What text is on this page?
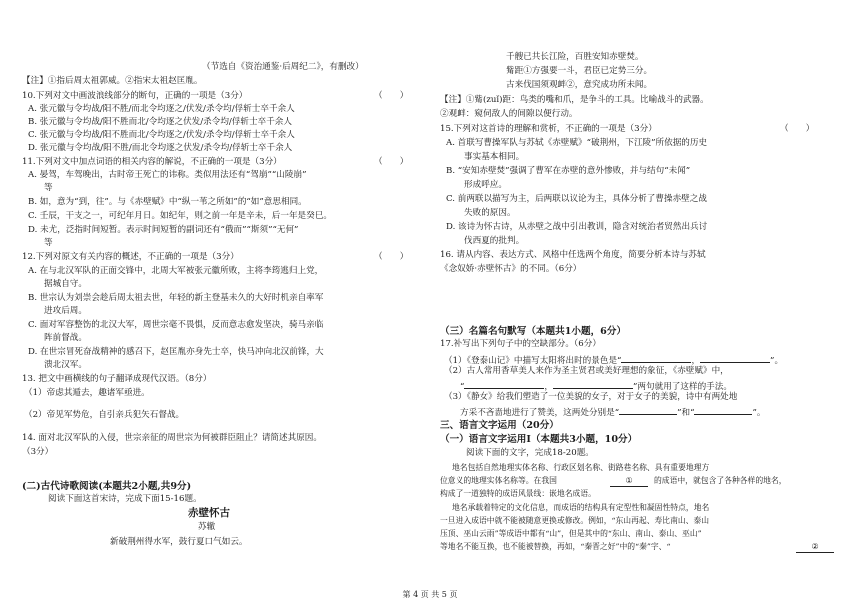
（节选自《资治通鉴·后周纪二》，有删改）
【注】①指后周太祖郭威。②指宋太祖赵匡胤。
10.下列对文中画波浪线部分的断句，正确的一项是（3分）	（　　）
A. 张元徽与令均战/阳不胜/而北令均逐之/伏发/杀令均/俘斩士卒千余人
B. 张元徽与令均战/阳不胜而北/令均逐之伏发/杀令均/俘斩士卒千余人
C. 张元徽与令均战/阳不胜而北/令均逐之/伏发/杀令均/俘斩士卒千余人
D. 张元徽与令均战/阳不胜/而北令均逐之伏发/杀令均/俘斩士卒千余人
11.下列对文中加点词语的相关内容的解说，不正确的一项是（3分）	（　　）
A. 晏驾，车驾晚出，古时帝王死亡的讳称。类似用法还有“驾崩”“山陵崩”
等
B. 如，意为“到，往”。与《赤壁赋》中“纵一苇之所如”的“如”意思相同。
C. 壬辰，干支之一，可纪年月日。如纪年，则之前一年是辛未，后一年是癸巳。
D. 未尤，泛指时间短暂。表示时间短暂的副词还有“俄而”“斯须”“无何”
等
12.下列对原文有关内容的概述，不正确的一项是（3分）	（　　）
A. 在与北汉军队的正面交锋中，北周大军被张元徽所败，主将李筠逃归上党，
据城自守。
B. 世宗认为刘崇会趁后周太祖去世，年轻的新主登基未久的大好时机亲自率军
进攻后周。
C. 面对军容整饬的北汉大军，周世宗毫不畏惧，反而意志愈发坚决，骑马亲临
阵前督战。
D. 在世宗冒死奋战精神的感召下，赵匡胤亦身先士卒，快马冲向北汉前锋，大
溃北汉军。
13. 把文中画横线的句子翻译成现代汉语。（8分）
（1）帝虑其遁去，趣诸军亟进。
（2）帝见军势危，自引亲兵犯矢石督战。
14. 面对北汉军队的入侵，世宗亲征的周世宗为何被群臣阻止？请简述其原因。
（3分）
千艘已共长江险，百胜安知赤壁焚。
觜距①方强要一斗，君臣已定势三分。
古来伐国须观衅②，意究成功所未闻。
【注】①觜(zuǐ)距：鸟类的嘴和爪，是争斗的工具。比喻战斗的武器。
②观衅：窥伺敌人的间隙以便行动。
15.下列对这首诗的理解和赏析，不正确的一项是（3分）	（　　）
A. 首联写曹操军队与苏轼《赤壁赋》“破荆州，下江陵”所依据的历史
事实基本相同。
B. “安知赤壁焚”强调了曹军在赤壁的意外惨败，并与结句“未闻”
形成呼应。
C. 前两联以描写为主，后两联以议论为主，具体分析了曹操赤壁之战
失败的原因。
D. 该诗为怀古诗，从赤壁之战中引出教训，隐含对统治者贸然出兵讨
伐西夏的批判。
16. 请从内容、表达方式、风格中任选两个角度，简要分析本诗与苏轼
《念奴娇·赤壁怀古》的不同。（6分）
地名包括自然地理实体名称、行政区划名称、街路巷名称、具有重要地理方
位意义的地理实体名称等。在我国	①	的成语中，就包含了各种各样的地名，
构成了一道独特的成语风景线：嵌地名成语。
地名承载着特定的文化信息，而成语的结构具有定型性和凝固性特点，地名
一旦进入成语中就不能被随意更换或修改。例如，“东山再起、寿比南山、泰山
压顶、巫山云雨”等成语中都有“山”，但是其中的“东山、南山、泰山、巫山”
等地名不能互换，也不能被替换，再如，“秦晋之好”中的“秦”字、“	②
(二)古代诗歌阅读(本题共2小题,共9分)
阅读下面这首宋诗，完成下面15-16题。
赤壁怀古
苏辙
新破荆州得水军，鼓行夏口气如云。
（三）名篇名句默写（本题共1小题，6分）
17.补写出下列句子中的空缺部分。（6分）
（1）《登泰山记》中描写太阳将出时的景色是“	，	”。
（2）古人常用香草美人来作为圣主贤君或美好理想的象征，《赤壁赋》中，
“	，	”两句就用了这样的手法。
（3）《静女》给我们塑造了一位美貌的女子，对于女子的美貌，诗中有两处地
方采不吝啬地进行了赞美，这两处分别是“	”和“	”。
三、语言文字运用（20分）
（一）语言文字运用Ⅰ（本题共3小题，10分）
阅读下面的文字，完成18-20题。
第 4 页 共 5 页
